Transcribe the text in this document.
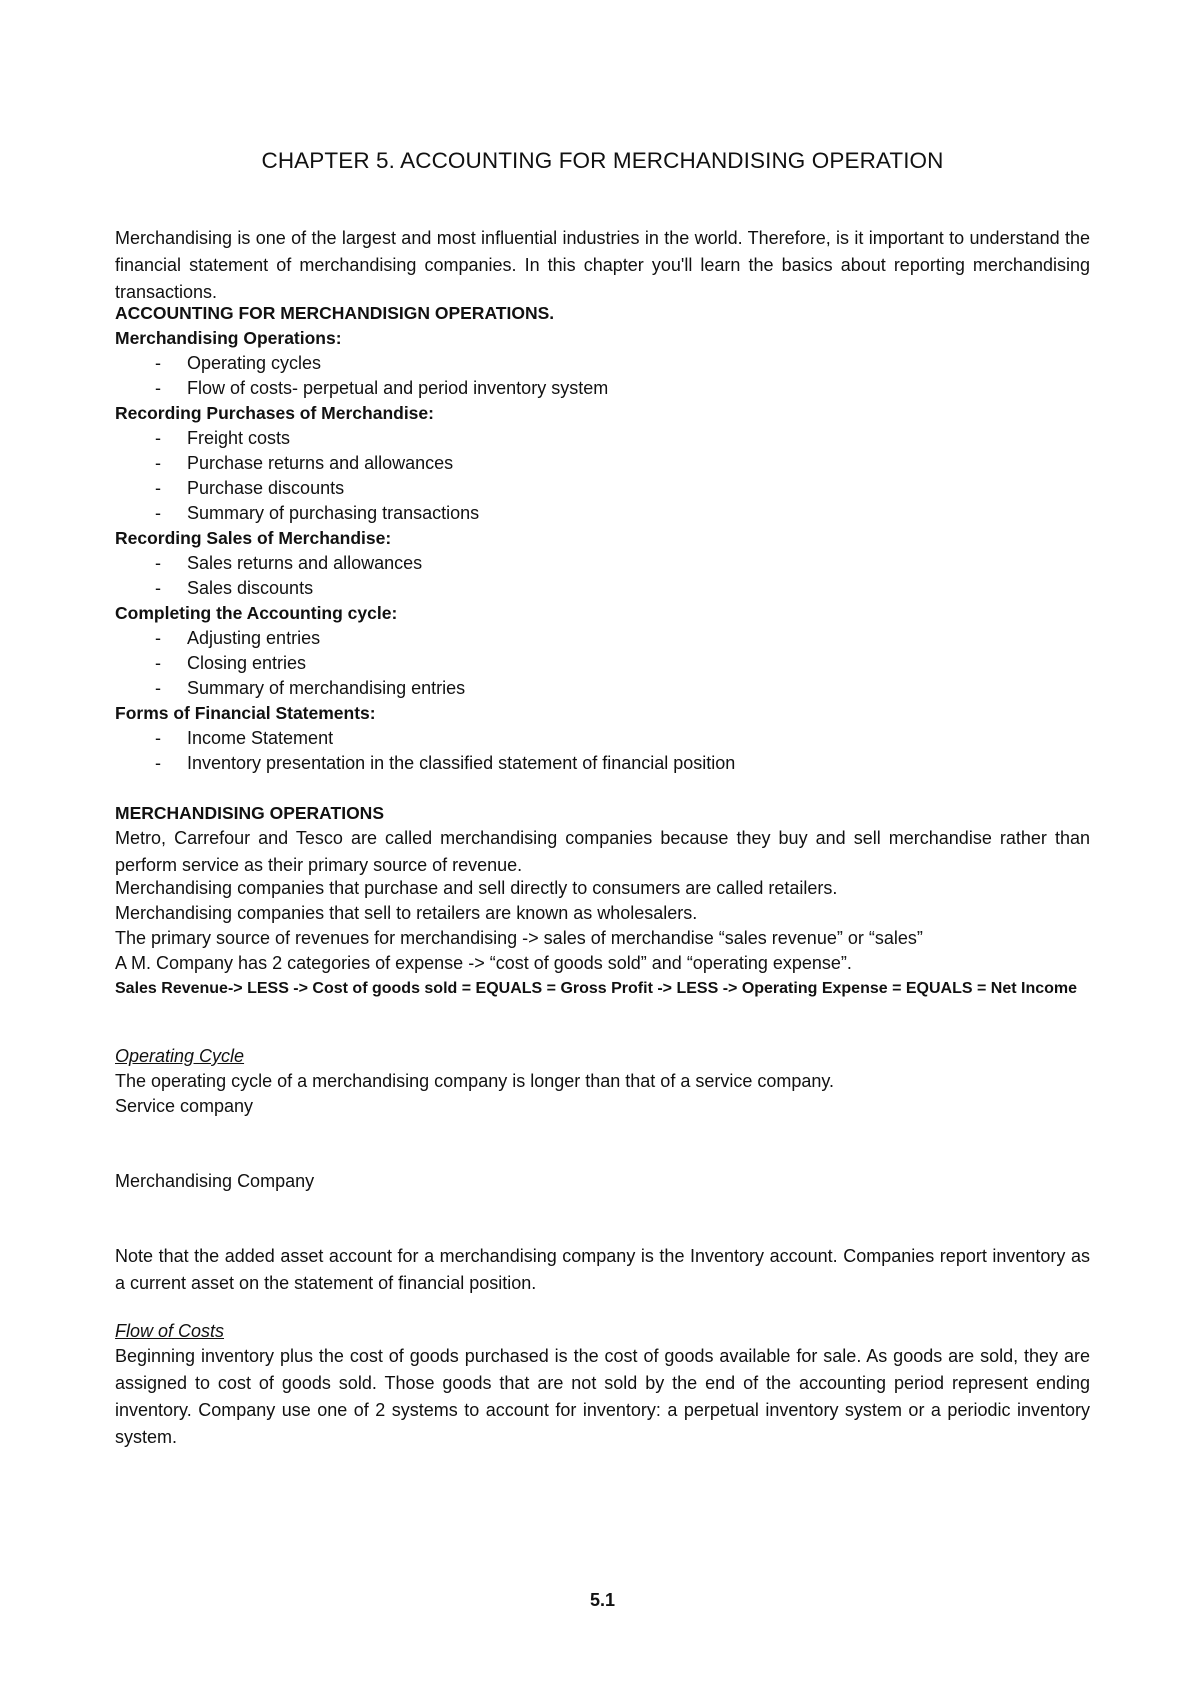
CHAPTER 5. ACCOUNTING FOR MERCHANDISING OPERATION
Merchandising is one of the largest and most influential industries in the world. Therefore, is it important to understand the financial statement of merchandising companies. In this chapter you'll learn the basics about reporting merchandising transactions.
ACCOUNTING FOR MERCHANDISIGN OPERATIONS.
Merchandising Operations:
- Operating cycles
- Flow of costs- perpetual and period inventory system
Recording Purchases of Merchandise:
- Freight costs
- Purchase returns and allowances
- Purchase discounts
- Summary of purchasing transactions
Recording Sales of Merchandise:
- Sales returns and allowances
- Sales discounts
Completing the Accounting cycle:
- Adjusting entries
- Closing entries
- Summary of merchandising entries
Forms of Financial Statements:
- Income Statement
- Inventory presentation in the classified statement of financial position
MERCHANDISING OPERATIONS
Metro, Carrefour and Tesco are called merchandising companies because they buy and sell merchandise rather than perform service as their primary source of revenue.
Merchandising companies that purchase and sell directly to consumers are called retailers.
Merchandising companies that sell to retailers are known as wholesalers.
The primary source of revenues for merchandising -> sales of merchandise “sales revenue” or “sales”
A M. Company has 2 categories of expense -> “cost of goods sold” and “operating expense”.
Sales Revenue-> LESS -> Cost of goods sold = EQUALS = Gross Profit -> LESS -> Operating Expense = EQUALS = Net Income
Operating Cycle
The operating cycle of a merchandising company is longer than that of a service company.
Service company
Merchandising Company
Note that the added asset account for a merchandising company is the Inventory account. Companies report inventory as a current asset on the statement of financial position.
Flow of Costs
Beginning inventory plus the cost of goods purchased is the cost of goods available for sale. As goods are sold, they are assigned to cost of goods sold. Those goods that are not sold by the end of the accounting period represent ending inventory. Company use one of 2 systems to account for inventory: a perpetual inventory system or a periodic inventory system.
5.1
